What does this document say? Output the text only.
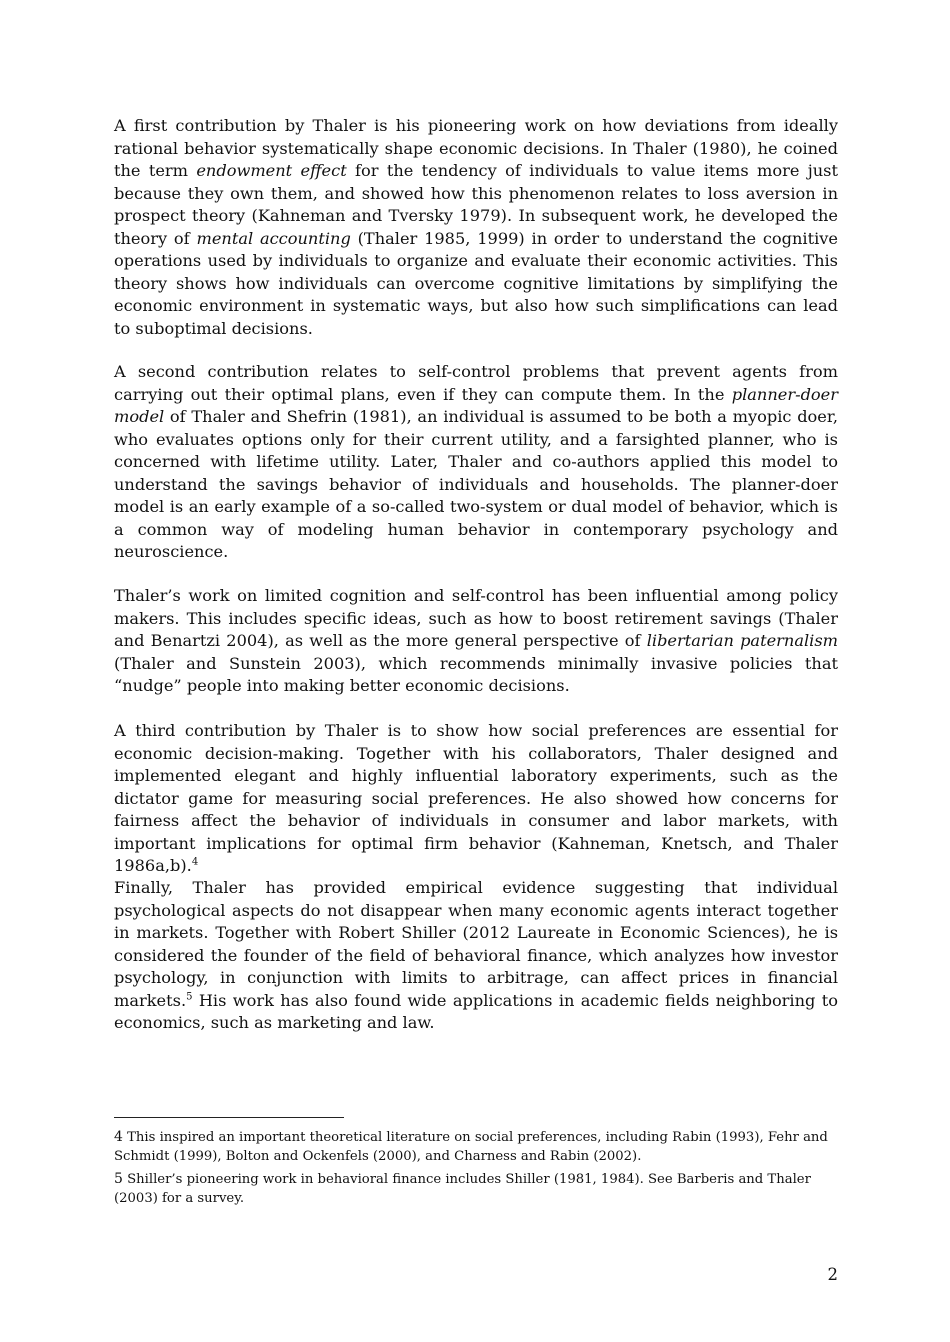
A first contribution by Thaler is his pioneering work on how deviations from ideally rational behavior systematically shape economic decisions. In Thaler (1980), he coined the term endowment effect for the tendency of individuals to value items more just because they own them, and showed how this phenomenon relates to loss aversion in prospect theory (Kahneman and Tversky 1979). In subsequent work, he developed the theory of mental accounting (Thaler 1985, 1999) in order to understand the cognitive operations used by individuals to organize and evaluate their economic activities. This theory shows how individuals can overcome cognitive limitations by simplifying the economic environment in systematic ways, but also how such simplifications can lead to suboptimal decisions.

A second contribution relates to self-control problems that prevent agents from carrying out their optimal plans, even if they can compute them. In the planner-doer model of Thaler and Shefrin (1981), an individual is assumed to be both a myopic doer, who evaluates options only for their current utility, and a farsighted planner, who is concerned with lifetime utility. Later, Thaler and co-authors applied this model to understand the savings behavior of individuals and households. The planner-doer model is an early example of a so-called two-system or dual model of behavior, which is a common way of modeling human behavior in contemporary psychology and neuroscience.

Thaler’s work on limited cognition and self-control has been influential among policy makers. This includes specific ideas, such as how to boost retirement savings (Thaler and Benartzi 2004), as well as the more general perspective of libertarian paternalism (Thaler and Sunstein 2003), which recommends minimally invasive policies that “nudge” people into making better economic decisions.

A third contribution by Thaler is to show how social preferences are essential for economic decision-making. Together with his collaborators, Thaler designed and implemented elegant and highly influential laboratory experiments, such as the dictator game for measuring social preferences. He also showed how concerns for fairness affect the behavior of individuals in consumer and labor markets, with important implications for optimal firm behavior (Kahneman, Knetsch, and Thaler 1986a,b).$^4$

Finally, Thaler has provided empirical evidence suggesting that individual psychological aspects do not disappear when many economic agents interact together in markets. Together with Robert Shiller (2012 Laureate in Economic Sciences), he is considered the founder of the field of behavioral finance, which analyzes how investor psychology, in conjunction with limits to arbitrage, can affect prices in financial markets.$^5$ His work has also found wide applications in academic fields neighboring to economics, such as marketing and law.

4 This inspired an important theoretical literature on social preferences, including Rabin (1993), Fehr and Schmidt (1999), Bolton and Ockenfels (2000), and Charness and Rabin (2002).

5 Shiller’s pioneering work in behavioral finance includes Shiller (1981, 1984). See Barberis and Thaler (2003) for a survey.

2
